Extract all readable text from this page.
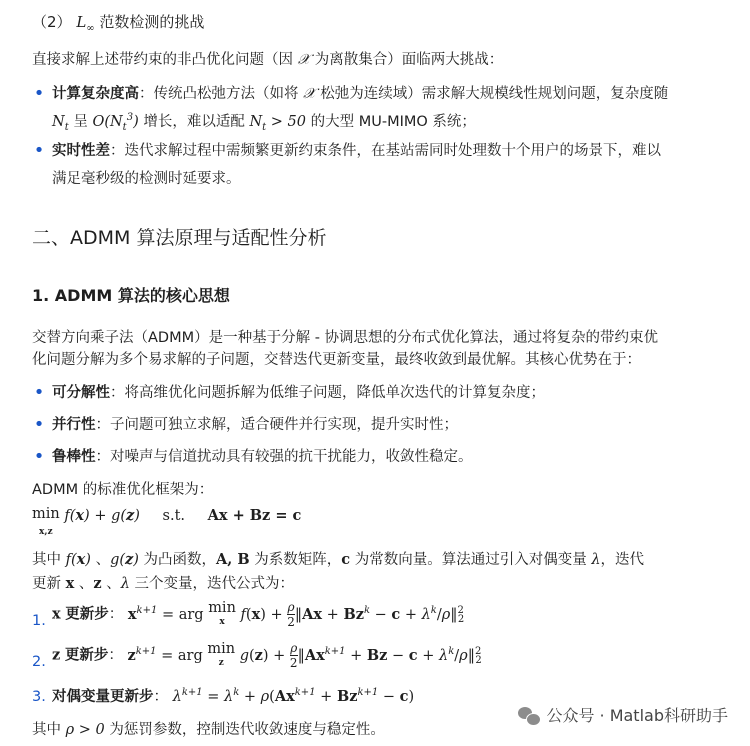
（2） $L_\infty$ 范数检测的挑战
直接求解上述带约束的非凸优化问题（因 𝒳 为离散集合）面临两大挑战：
• 计算复杂度高：传统凸松弛方法（如将 𝒳 松弛为连续域）需求解大规模线性规划问题，复杂度随
$N_t$ 呈 $O(N_t^3)$ 增长，难以适配 $N_t > 50$ 的大型 MU-MIMO 系统；
• 实时性差：迭代求解过程中需频繁更新约束条件，在基站需同时处理数十个用户的场景下，难以
满足毫秒级的检测时延要求。
二、ADMM 算法原理与适配性分析
1. ADMM 算法的核心思想
交替方向乘子法（ADMM）是一种基于分解 - 协调思想的分布式优化算法，通过将复杂的带约束优
化问题分解为多个易求解的子问题，交替迭代更新变量，最终收敛到最优解。其核心优势在于：
• 可分解性：将高维优化问题拆解为低维子问题，降低单次迭代的计算复杂度；
• 并行性：子问题可独立求解，适合硬件并行实现，提升实时性；
• 鲁棒性：对噪声与信道扰动具有较强的抗干扰能力，收敛性稳定。
ADMM 的标准优化框架为：
min
x,z f(x) + g(z) s.t. Ax + Bz = c
其中 f(x) 、g(z) 为凸函数，A, B 为系数矩阵，c 为常数向量。算法通过引入对偶变量 λ，迭代
更新 x 、z 、λ 三个变量，迭代公式为：
1. x 更新步： $x^{k+1}$ = arg min
x $f(x) + \frac{\rho}{2}$ ‖Ax + $Bz^k - c$ + $\lambda^k/\rho‖^2_2$
2. z 更新步： $z^{k+1}$ = arg min
z $g(z) + \frac{\rho}{2}$ $‖Ax^{k+1} + Bz - c$ + $\lambda^k/\rho‖^2_2$
3. 对偶变量更新步： $\lambda^{k+1} = \lambda^k + \rho(Ax^{k+1} + Bz^{k+1} - c)$
其中 ρ > 0 为惩罚参数，控制迭代收敛速度与稳定性。
公众号 · Matlab科研助手
